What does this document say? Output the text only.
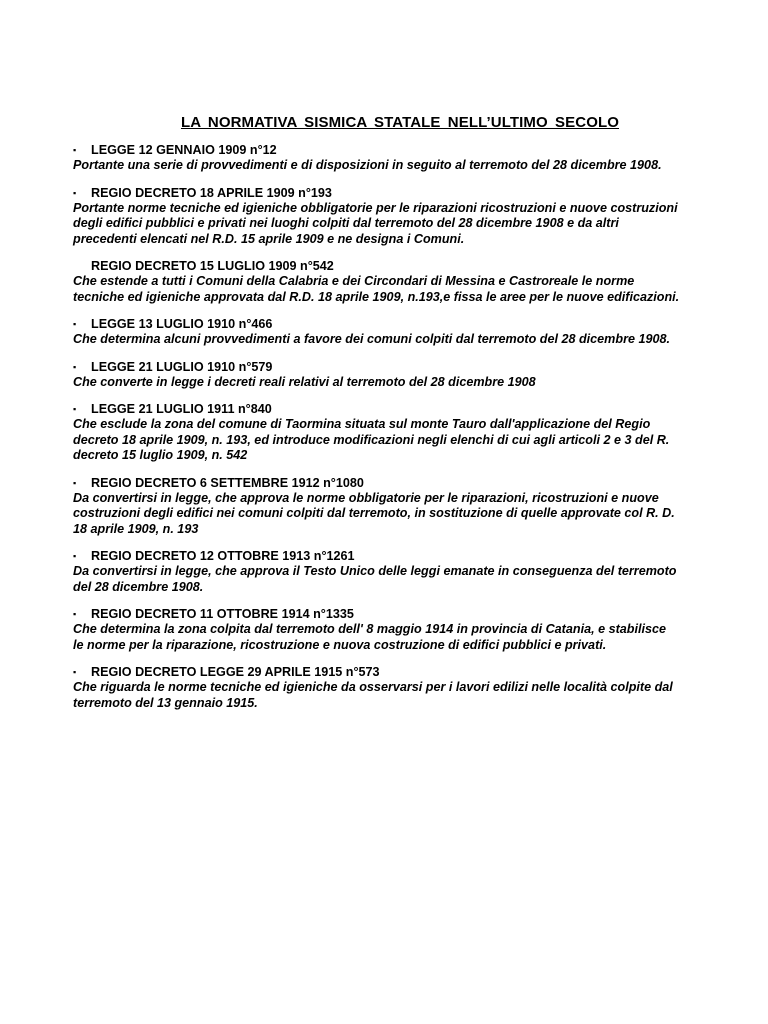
LA NORMATIVA SISMICA STATALE NELL’ULTIMO SECOLO
▪	LEGGE 12 GENNAIO 1909 n°12
Portante una serie di provvedimenti e di disposizioni in seguito al terremoto del 28 dicembre 1908.
▪	REGIO DECRETO 18 APRILE 1909 n°193
Portante norme tecniche ed igieniche obbligatorie per le riparazioni ricostruzioni e nuove costruzioni
degli edifici pubblici e privati nei luoghi colpiti dal terremoto del 28 dicembre 1908 e da altri
precedenti elencati nel R.D. 15 aprile 1909 e ne designa i Comuni.
REGIO DECRETO 15 LUGLIO 1909 n°542
Che estende a tutti i Comuni della Calabria e dei Circondari di Messina e Castroreale le norme
tecniche ed igieniche approvata dal R.D. 18 aprile 1909, n.193,e fissa le aree per le nuove edificazioni.
▪	LEGGE 13 LUGLIO 1910 n°466
Che determina alcuni provvedimenti a favore dei comuni colpiti dal terremoto del 28 dicembre 1908.
▪	LEGGE 21 LUGLIO 1910 n°579
Che converte in legge i decreti reali relativi al terremoto del 28 dicembre 1908
▪	LEGGE 21 LUGLIO 1911 n°840
Che esclude la zona del comune di Taormina situata sul monte Tauro dall'applicazione del Regio
decreto 18 aprile 1909, n. 193, ed introduce modificazioni negli elenchi di cui agli articoli 2 e 3 del R.
decreto 15 luglio 1909, n. 542
▪	REGIO DECRETO 6 SETTEMBRE 1912 n°1080
Da convertirsi in legge, che approva le norme obbligatorie per le riparazioni, ricostruzioni e nuove
costruzioni degli edifici nei comuni colpiti dal terremoto, in sostituzione di quelle approvate col R. D.
18 aprile 1909, n. 193
▪	REGIO DECRETO 12 OTTOBRE 1913 n°1261
Da convertirsi in legge, che approva il Testo Unico delle leggi emanate in conseguenza del terremoto
del 28 dicembre 1908.
▪	REGIO DECRETO 11 OTTOBRE 1914 n°1335
Che determina la zona colpita dal terremoto dell' 8 maggio 1914 in provincia di Catania, e stabilisce
le norme per la riparazione, ricostruzione e nuova costruzione di edifici pubblici e privati.
▪	REGIO DECRETO LEGGE 29 APRILE 1915 n°573
Che riguarda le norme tecniche ed igieniche da osservarsi per i lavori edilizi nelle località colpite dal
terremoto del 13 gennaio 1915.
